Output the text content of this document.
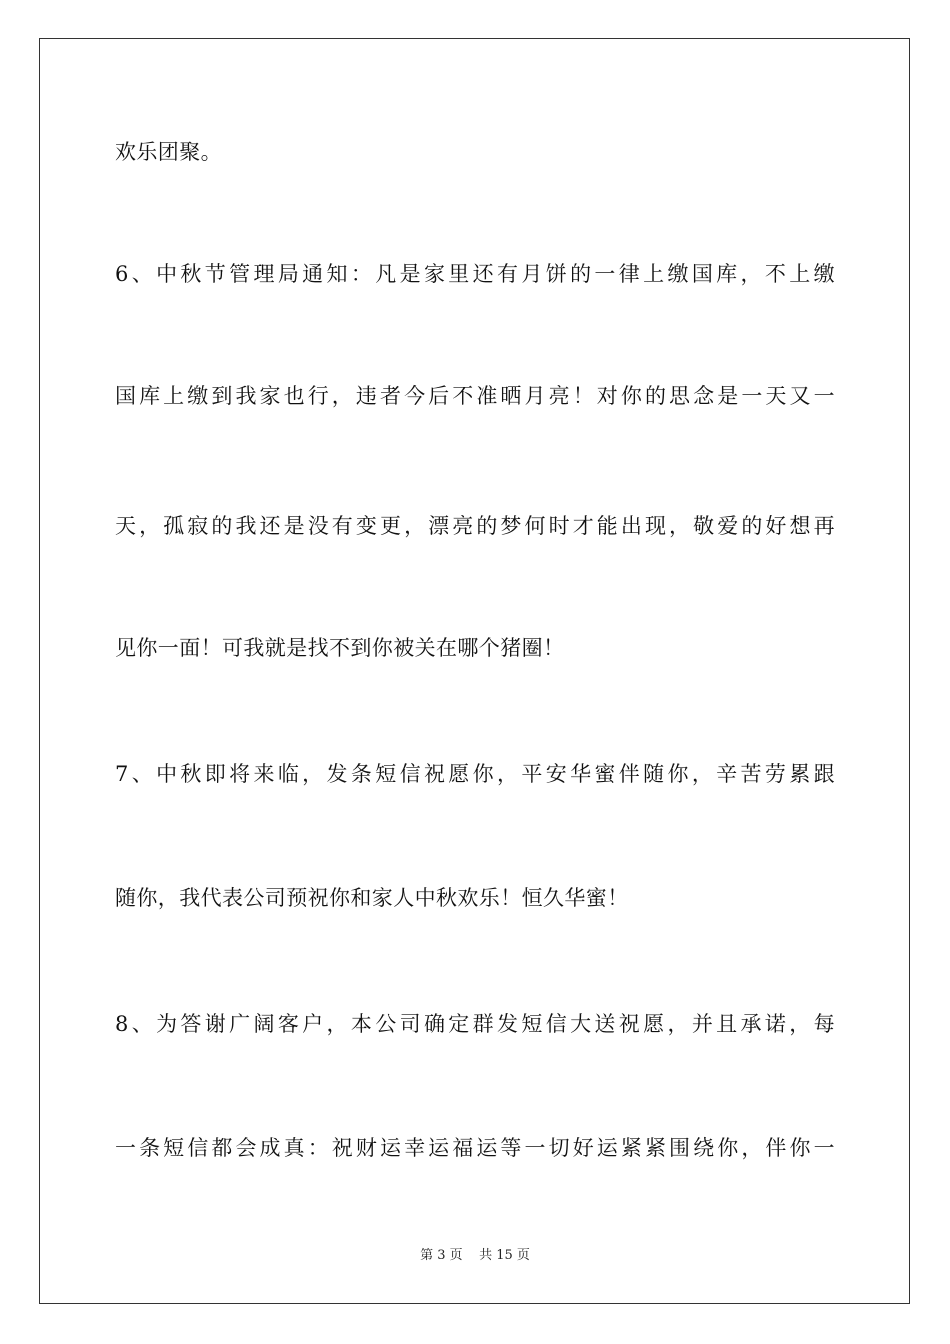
欢乐团聚。
6、中秋节管理局通知：凡是家里还有月饼的一律上缴国库，不上缴
国库上缴到我家也行，违者今后不准晒月亮！对你的思念是一天又一
天，孤寂的我还是没有变更，漂亮的梦何时才能出现，敬爱的好想再
见你一面！可我就是找不到你被关在哪个猪圈！
7、中秋即将来临，发条短信祝愿你，平安华蜜伴随你，辛苦劳累跟
随你，我代表公司预祝你和家人中秋欢乐！恒久华蜜！
8、为答谢广阔客户，本公司确定群发短信大送祝愿，并且承诺，每
一条短信都会成真：祝财运幸运福运等一切好运紧紧围绕你，伴你一
第 3 页    共 15 页
